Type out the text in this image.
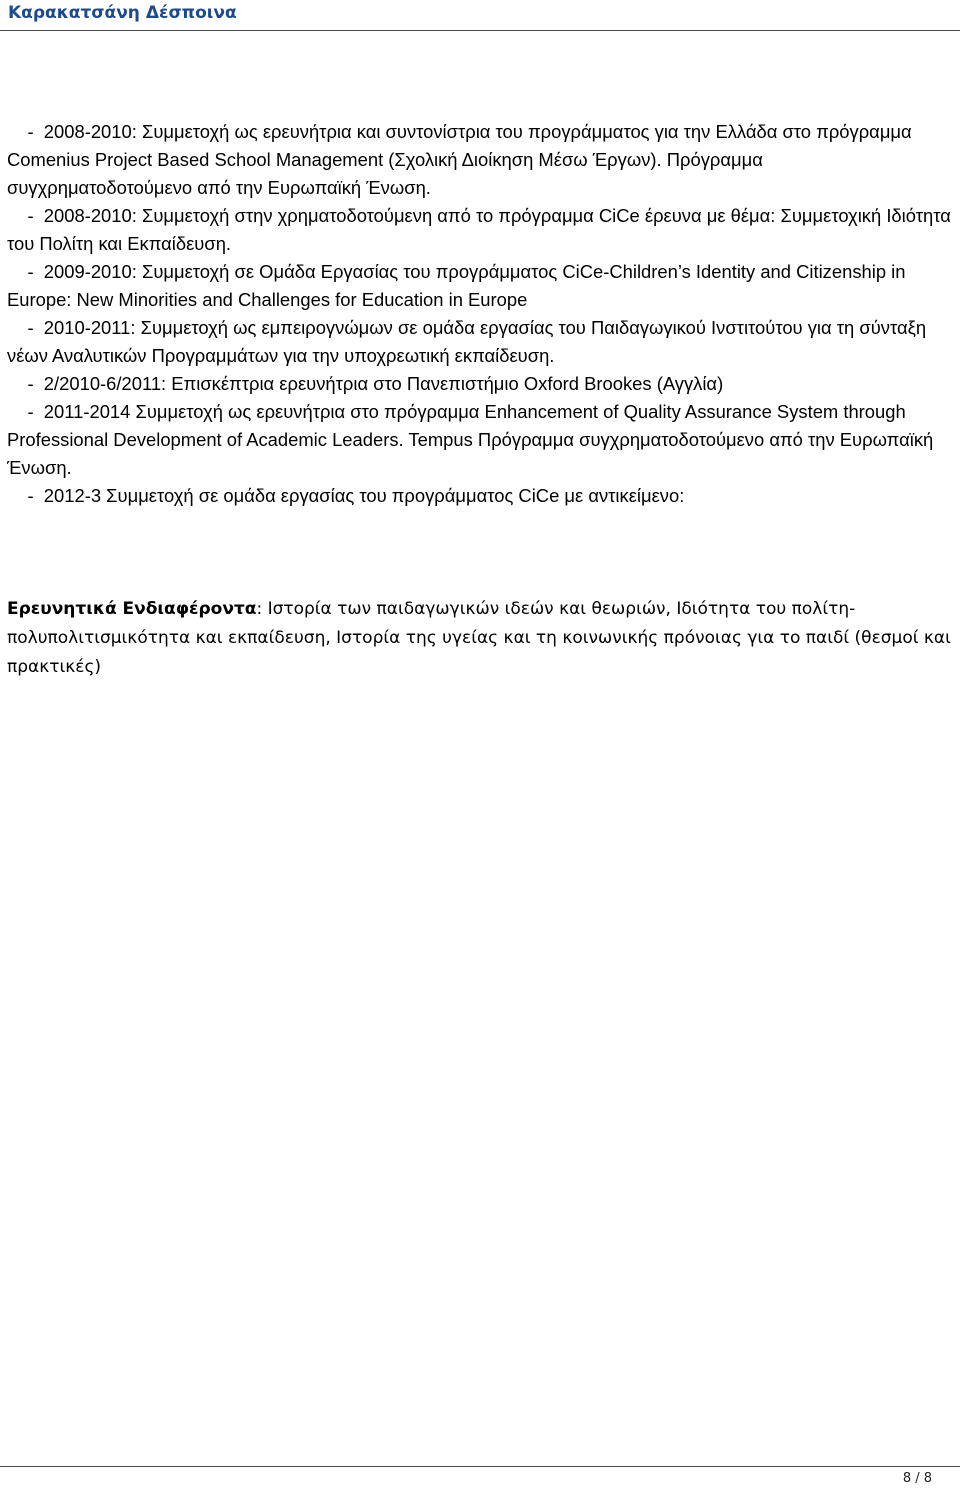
Καρακατσάνη Δέσποινα

-  2008-2010: Συμμετοχή ως ερευνήτρια και συντονίστρια του προγράμματος για την Ελλάδα στο πρόγραμμα Comenius Project Based School Management (Σχολική Διοίκηση Μέσω Έργων). Πρόγραμμα συγχρηματοδοτούμενο από την Ευρωπαϊκή Ένωση.

-  2008-2010: Συμμετοχή στην χρηματοδοτούμενη από το πρόγραμμα CiCe έρευνα με θέμα: Συμμετοχική Ιδιότητα του Πολίτη και Εκπαίδευση.

-  2009-2010: Συμμετοχή σε Ομάδα Εργασίας του προγράμματος CiCe-Children’s Identity and Citizenship in Europe: New Minorities and Challenges for Education in Europe

-  2010-2011: Συμμετοχή ως εμπειρογνώμων σε ομάδα εργασίας του Παιδαγωγικού Ινστιτούτου για τη σύνταξη νέων Αναλυτικών Προγραμμάτων για την υποχρεωτική εκπαίδευση.

-  2/2010-6/2011: Επισκέπτρια ερευνήτρια στο Πανεπιστήμιο Oxford Brookes (Αγγλία)

-  2011-2014 Συμμετοχή ως ερευνήτρια στο πρόγραμμα Enhancement of Quality Assurance System through Professional Development of Academic Leaders. Tempus Πρόγραμμα συγχρηματοδοτούμενο από την Ευρωπαϊκή Ένωση.

-  2012-3 Συμμετοχή σε ομάδα εργασίας του προγράμματος CiCe με αντικείμενο:

Ερευνητικά Ενδιαφέροντα: Ιστορία των παιδαγωγικών ιδεών και θεωριών, Ιδιότητα του πολίτη-πολυπολιτισμικότητα και εκπαίδευση, Ιστορία της υγείας και τη κοινωνικής πρόνοιας για το παιδί (θεσμοί και πρακτικές)

8 / 8
